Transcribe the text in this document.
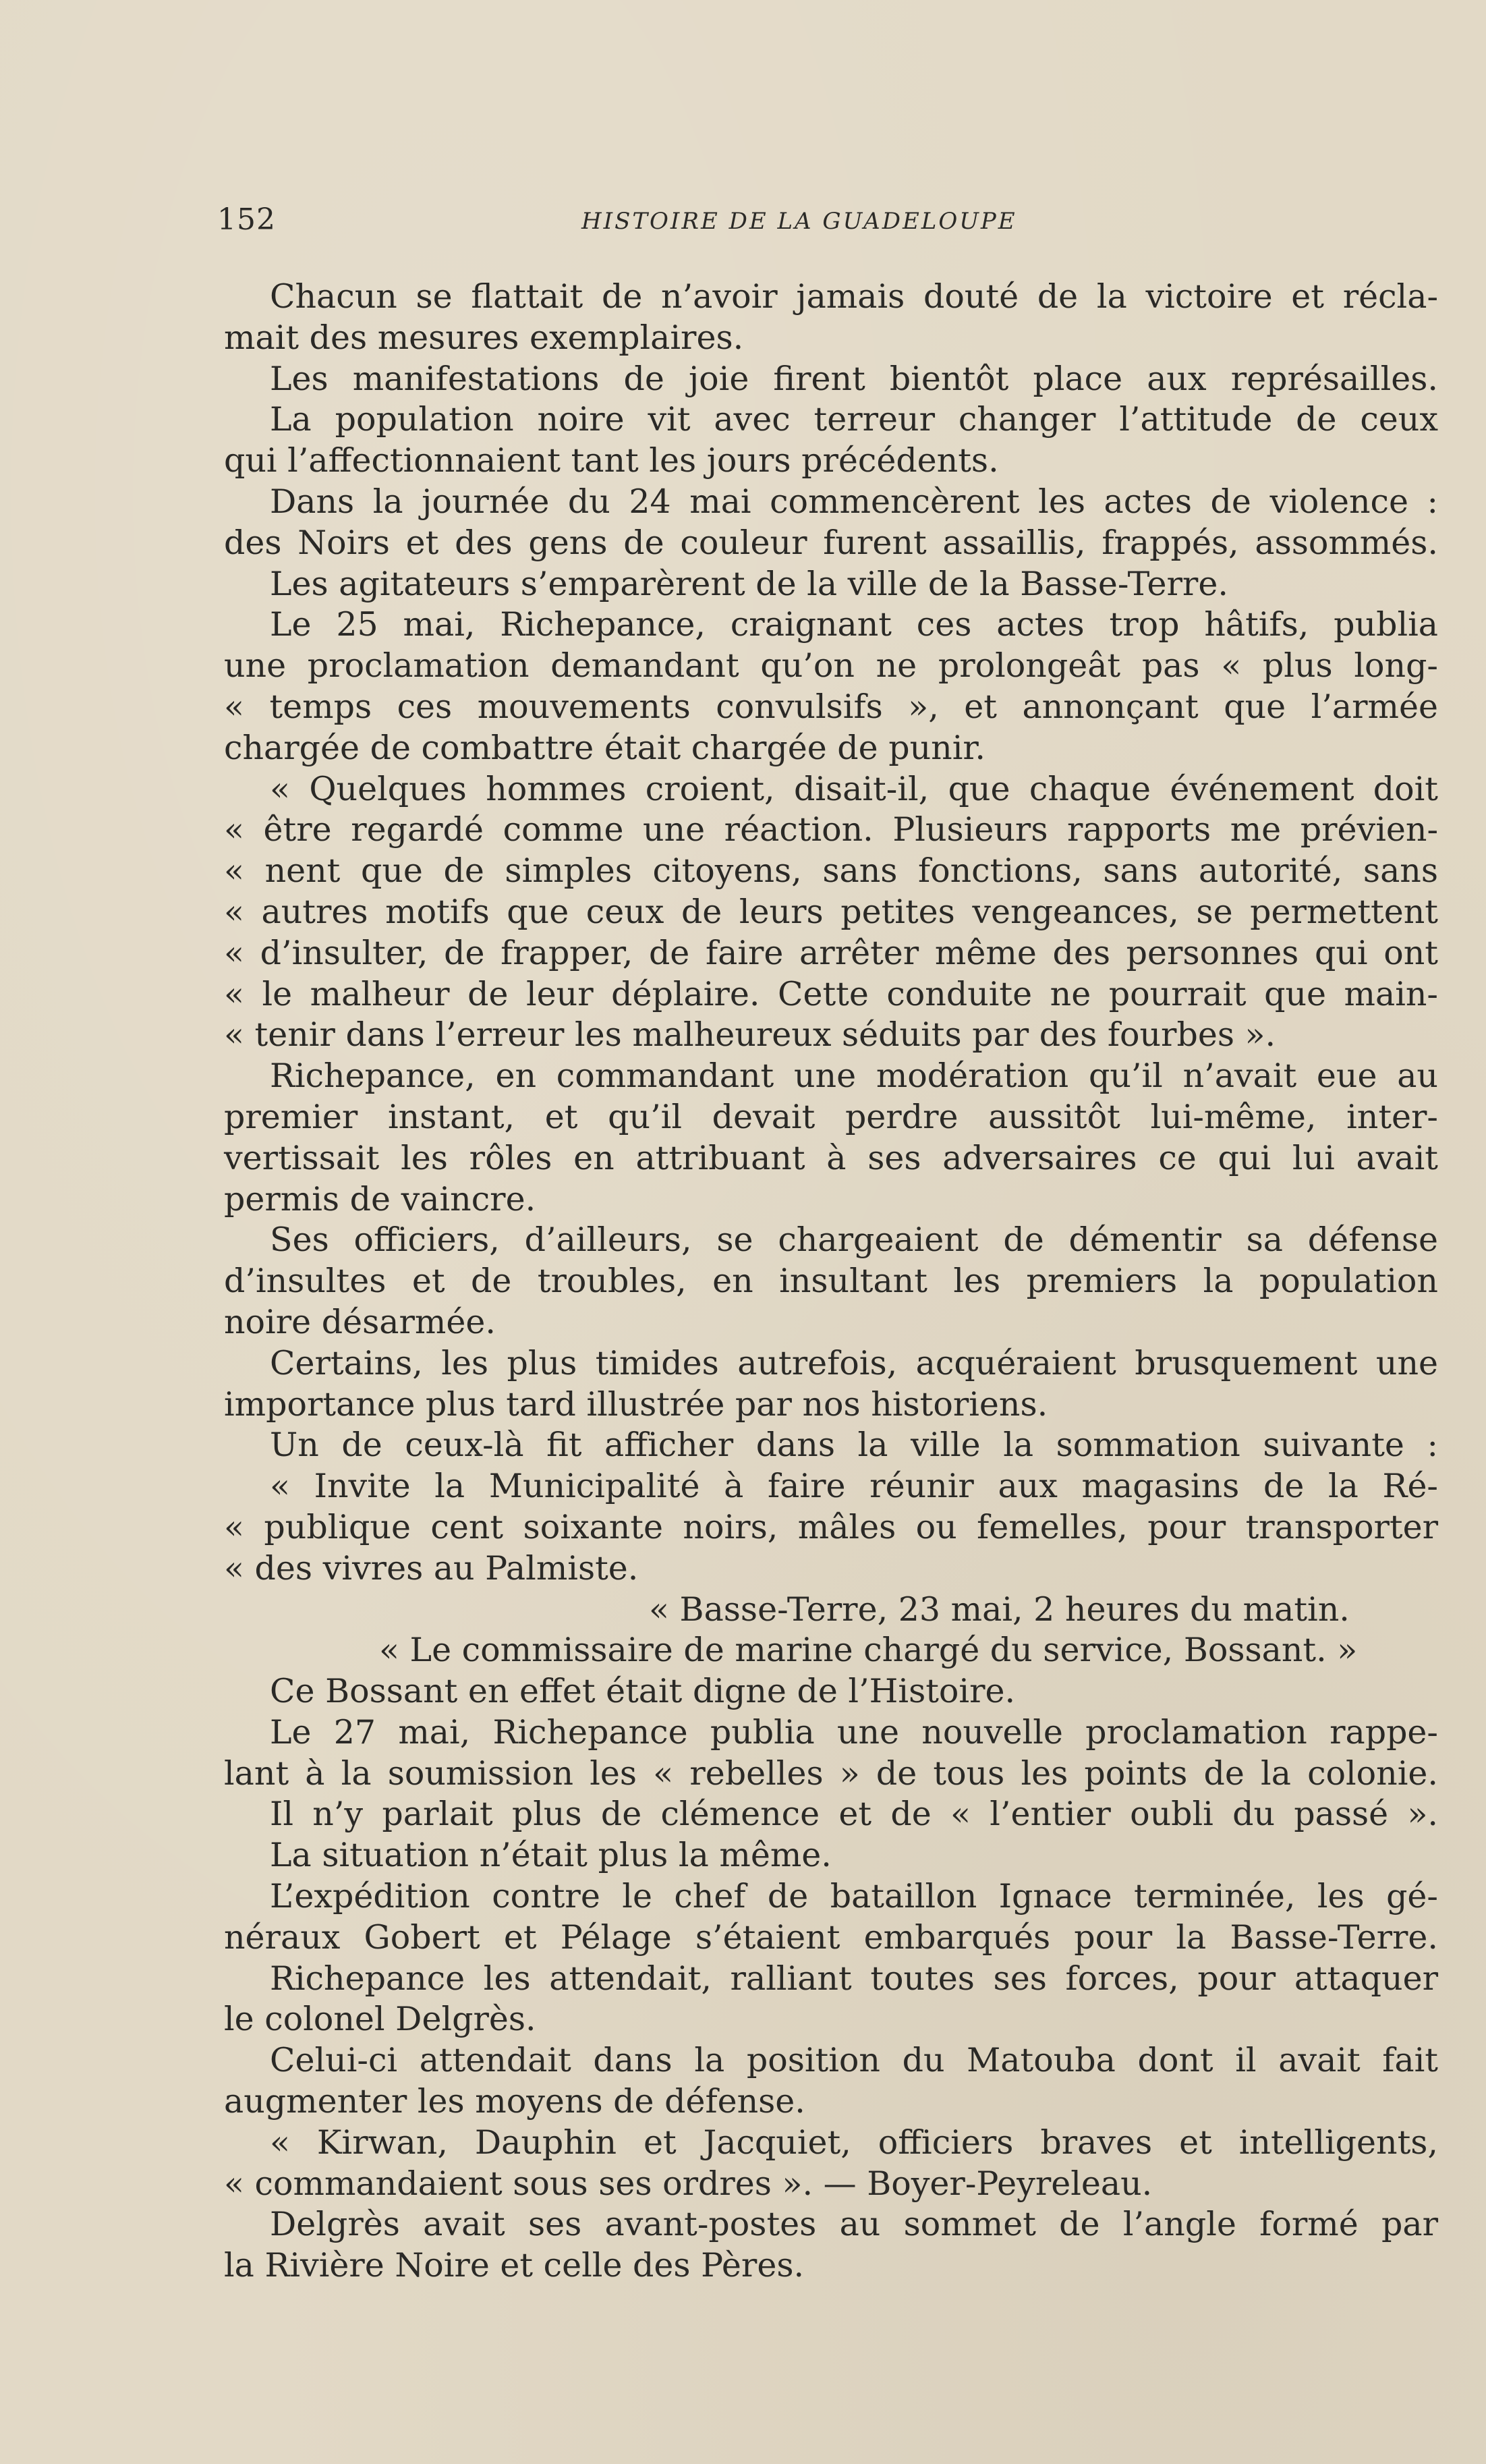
152	HISTOIRE DE LA GUADELOUPE
Chacun se flattait de n’avoir jamais douté de la victoire et récla-
mait des mesures exemplaires.
Les manifestations de joie firent bientôt place aux représailles.
La population noire vit avec terreur changer l’attitude de ceux
qui l’affectionnaient tant les jours précédents.
Dans la journée du 24 mai commencèrent les actes de violence :
des Noirs et des gens de couleur furent assaillis, frappés, assommés.
Les agitateurs s’emparèrent de la ville de la Basse-Terre.
Le 25 mai, Richepance, craignant ces actes trop hâtifs, publia
une proclamation demandant qu’on ne prolongeât pas « plus long-
« temps ces mouvements convulsifs », et annonçant que l’armée
chargée de combattre était chargée de punir.
« Quelques hommes croient, disait-il, que chaque événement doit
« être regardé comme une réaction. Plusieurs rapports me prévien-
« nent que de simples citoyens, sans fonctions, sans autorité, sans
« autres motifs que ceux de leurs petites vengeances, se permettent
« d’insulter, de frapper, de faire arrêter même des personnes qui ont
« le malheur de leur déplaire. Cette conduite ne pourrait que main-
« tenir dans l’erreur les malheureux séduits par des fourbes ».
Richepance, en commandant une modération qu’il n’avait eue au
premier instant, et qu’il devait perdre aussitôt lui-même, inter-
vertissait les rôles en attribuant à ses adversaires ce qui lui avait
permis de vaincre.
Ses officiers, d’ailleurs, se chargeaient de démentir sa défense
d’insultes et de troubles, en insultant les premiers la population
noire désarmée.
Certains, les plus timides autrefois, acquéraient brusquement une
importance plus tard illustrée par nos historiens.
Un de ceux-là fit afficher dans la ville la sommation suivante :
« Invite la Municipalité à faire réunir aux magasins de la Ré-
« publique cent soixante noirs, mâles ou femelles, pour transporter
« des vivres au Palmiste.
« Basse-Terre, 23 mai, 2 heures du matin.
« Le commissaire de marine chargé du service, Bossant. »
Ce Bossant en effet était digne de l’Histoire.
Le 27 mai, Richepance publia une nouvelle proclamation rappe-
lant à la soumission les « rebelles » de tous les points de la colonie.
Il n’y parlait plus de clémence et de « l’entier oubli du passé ».
La situation n’était plus la même.
L’expédition contre le chef de bataillon Ignace terminée, les gé-
néraux Gobert et Pélage s’étaient embarqués pour la Basse-Terre.
Richepance les attendait, ralliant toutes ses forces, pour attaquer
le colonel Delgrès.
Celui-ci attendait dans la position du Matouba dont il avait fait
augmenter les moyens de défense.
« Kirwan, Dauphin et Jacquiet, officiers braves et intelligents,
« commandaient sous ses ordres ». — Boyer-Peyreleau.
Delgrès avait ses avant-postes au sommet de l’angle formé par
la Rivière Noire et celle des Pères.
